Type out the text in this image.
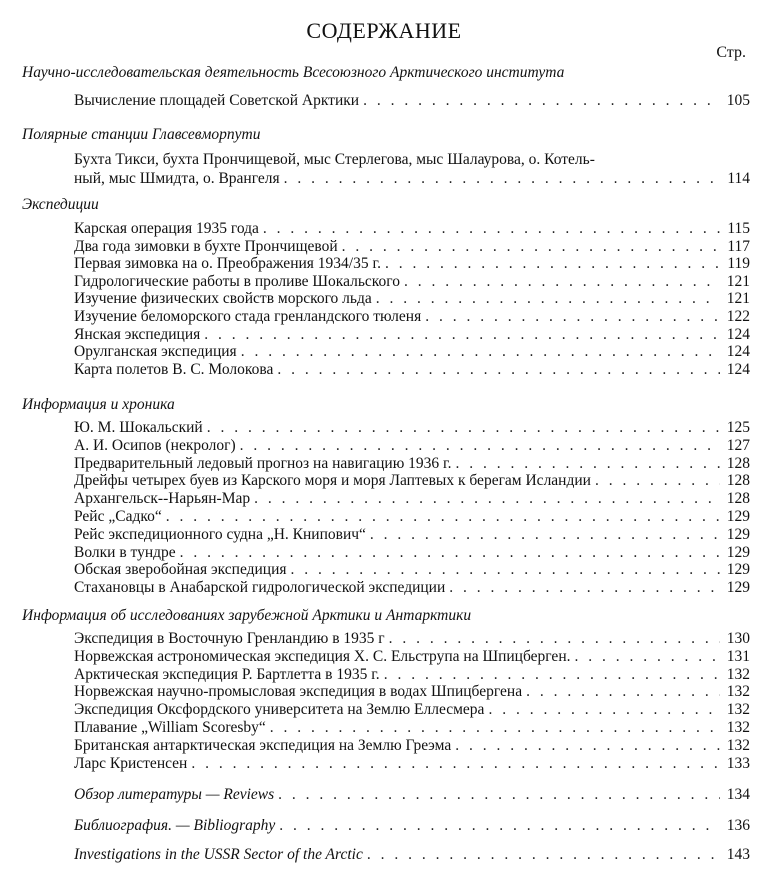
СОДЕРЖАНИЕ
Стр.
Научно-исследовательская деятельность Всесоюзного Арктического института
Вычисление площадей Советской Арктики . . .	105
Полярные станции Главсевморпути
Бухта Тикси, бухта Прончищевой, мыс Стерлегова, мыс Шалаурова, о. Котель-
ный, мыс Шмидта, о. Врангеля . . .	114
Экспедиции
Карская операция 1935 года . . .	115
Два года зимовки в бухте Прончищевой . . .	117
Первая зимовка на о. Преображения 1934/35 г. . . .	119
Гидрологические работы в проливе Шокальского . . .	121
Изучение физических свойств морского льда . . .	121
Изучение беломорского стада гренландского тюленя . . .	122
Янская экспедиция . . .	124
Орулганская экспедиция . . .	124
Карта полетов В. С. Молокова . . .	124
Информация и хроника
Ю. М. Шокальский . . .	125
А. И. Осипов (некролог) . . .	127
Предварительный ледовый прогноз на навигацию 1936 г. . . .	128
Дрейфы четырех буев из Карского моря и моря Лаптевых к берегам Исландии . . .	128
Архангельск--Нарьян-Мар . . .	128
Рейс „Садко“ . . .	129
Рейс экспедиционного судна „Н. Книпович“ . . .	129
Волки в тундре . . .	129
Обская зверобойная экспедиция . . .	129
Стахановцы в Анабарской гидрологической экспедиции . . .	129
Информация об исследованиях зарубежной Арктики и Антарктики
Экспедиция в Восточную Гренландию в 1935 г . . .	130
Норвежская астрономическая экспедиция Х. С. Ельструпа на Шпицберген. . . .	131
Арктическая экспедиция Р. Бартлетта в 1935 г. . . .	132
Норвежская научно-промысловая экспедиция в водах Шпицбергена . . .	132
Экспедиция Оксфордского университета на Землю Еллесмера . . .	132
Плавание „William Scoresby“ . . .	132
Британская антарктическая экспедиция на Землю Греэма . . .	132
Ларс Кристенсен . . .	133
Обзор литературы — Reviews . . .	134
Библиография. — Bibliography . . .	136
Investigations in the USSR Sector of the Arctic . . .	143
